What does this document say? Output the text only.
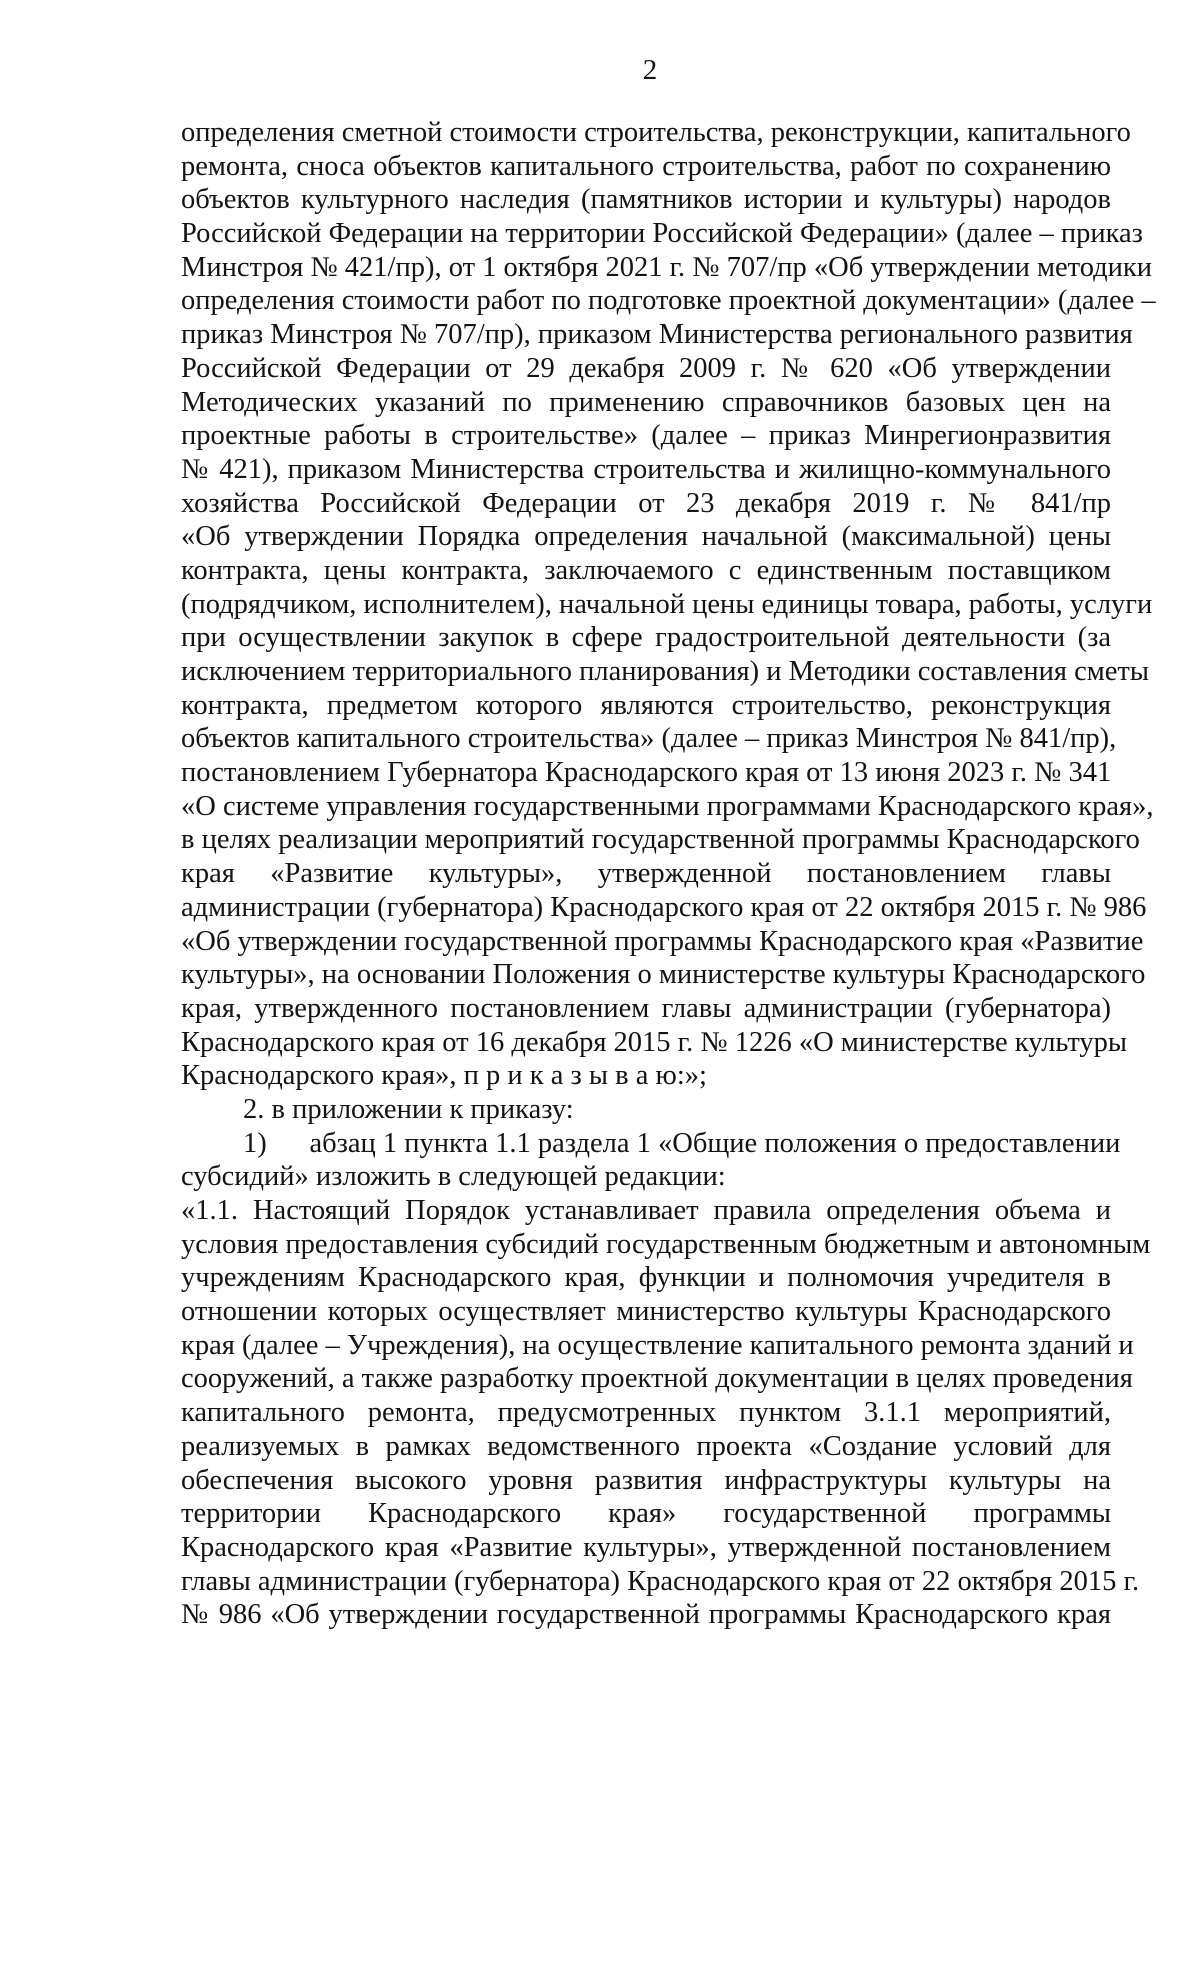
2
определения сметной стоимости строительства, реконструкции, капитального
ремонта, сноса объектов капитального строительства, работ по сохранению
объектов культурного наследия (памятников истории и культуры) народов
Российской Федерации на территории Российской Федерации» (далее – приказ
Минстроя № 421/пр), от 1 октября 2021 г. № 707/пр «Об утверждении методики
определения стоимости работ по подготовке проектной документации» (далее –
приказ Минстроя № 707/пр), приказом Министерства регионального развития
Российской Федерации от 29 декабря 2009 г. № 620 «Об утверждении
Методических указаний по применению справочников базовых цен на
проектные работы в строительстве» (далее – приказ Минрегионразвития
№ 421), приказом Министерства строительства и жилищно-коммунального
хозяйства Российской Федерации от 23 декабря 2019 г. № 841/пр
«Об утверждении Порядка определения начальной (максимальной) цены
контракта, цены контракта, заключаемого с единственным поставщиком
(подрядчиком, исполнителем), начальной цены единицы товара, работы, услуги
при осуществлении закупок в сфере градостроительной деятельности (за
исключением территориального планирования) и Методики составления сметы
контракта, предметом которого являются строительство, реконструкция
объектов капитального строительства» (далее – приказ Минстроя № 841/пр),
постановлением Губернатора Краснодарского края от 13 июня 2023 г. № 341
«О системе управления государственными программами Краснодарского края»,
в целях реализации мероприятий государственной программы Краснодарского
края «Развитие культуры», утвержденной постановлением главы
администрации (губернатора) Краснодарского края от 22 октября 2015 г. № 986
«Об утверждении государственной программы Краснодарского края «Развитие
культуры», на основании Положения о министерстве культуры Краснодарского
края, утвержденного постановлением главы администрации (губернатора)
Краснодарского края от 16 декабря 2015 г. № 1226 «О министерстве культуры
Краснодарского края», п р и к а з ы в а ю:»;
2. в приложении к приказу:
1)      абзац 1 пункта 1.1 раздела 1 «Общие положения о предоставлении
субсидий» изложить в следующей редакции:
«1.1. Настоящий Порядок устанавливает правила определения объема и
условия предоставления субсидий государственным бюджетным и автономным
учреждениям Краснодарского края, функции и полномочия учредителя в
отношении которых осуществляет министерство культуры Краснодарского
края (далее – Учреждения), на осуществление капитального ремонта зданий и
сооружений, а также разработку проектной документации в целях проведения
капитального ремонта, предусмотренных пунктом 3.1.1 мероприятий,
реализуемых в рамках ведомственного проекта «Создание условий для
обеспечения высокого уровня развития инфраструктуры культуры на
территории Краснодарского края» государственной программы
Краснодарского края «Развитие культуры», утвержденной постановлением
главы администрации (губернатора) Краснодарского края от 22 октября 2015 г.
№ 986 «Об утверждении государственной программы Краснодарского края
